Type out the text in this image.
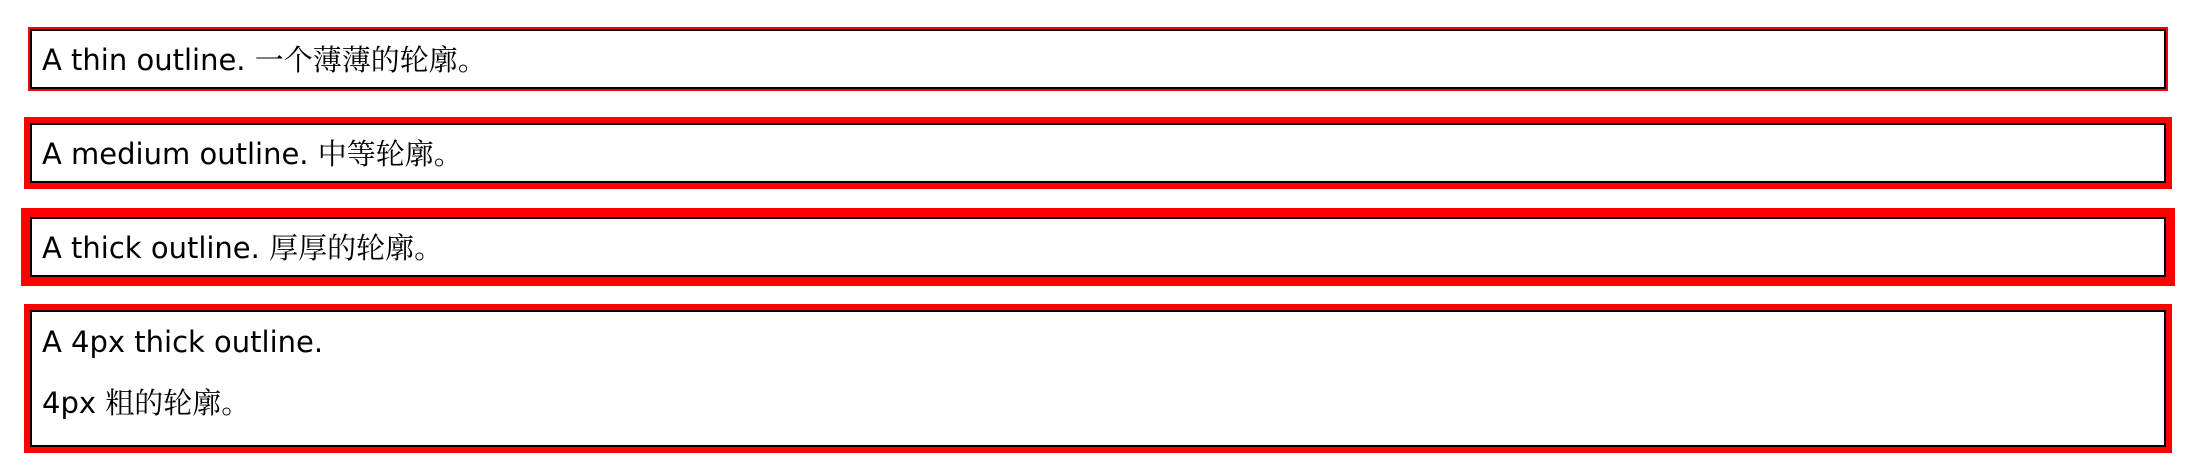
A thin outline. 一个薄薄的轮廓。

A medium outline. 中等轮廓。

A thick outline. 厚厚的轮廓。

A 4px thick outline.

4px 粗的轮廓。
